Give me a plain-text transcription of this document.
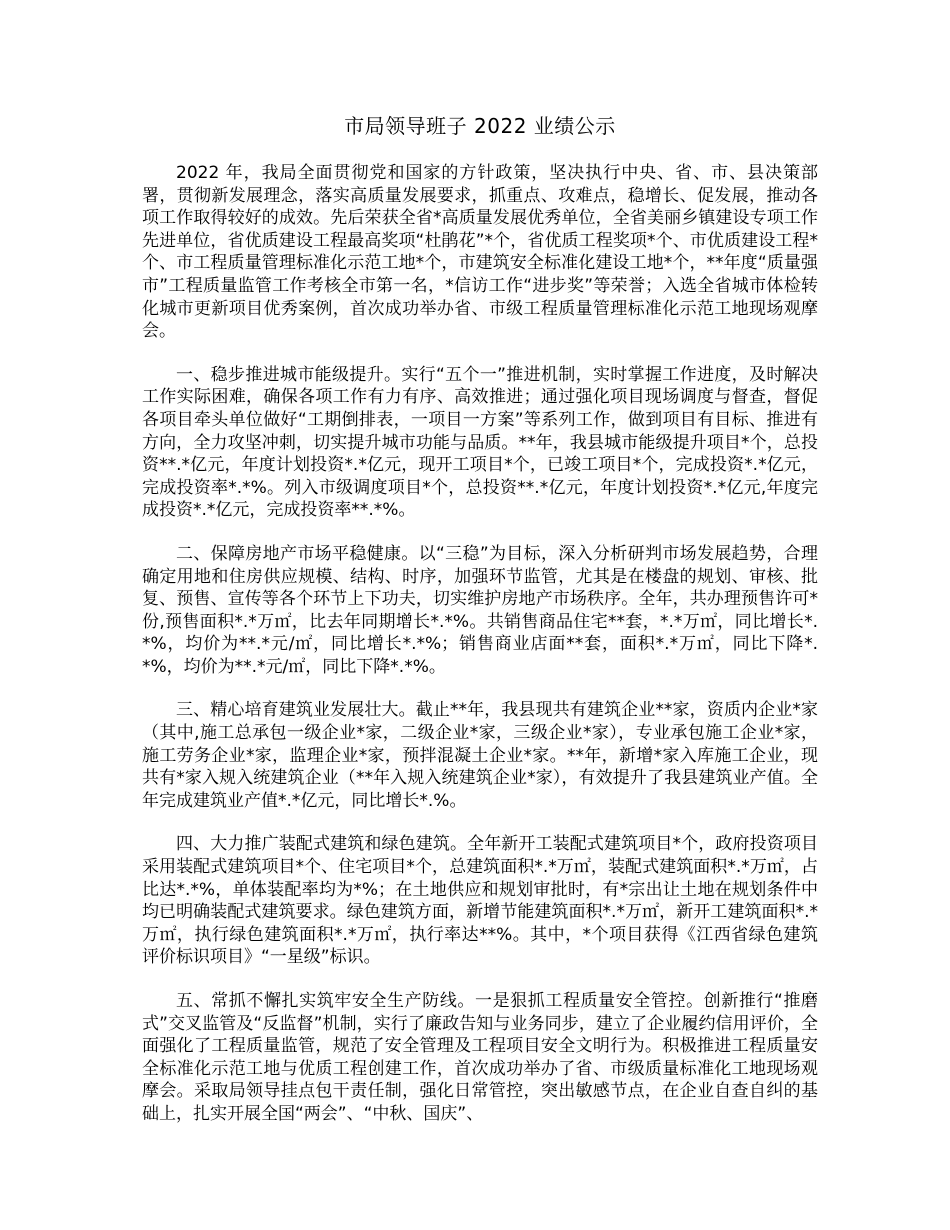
市局领导班子 2022 业绩公示

2022 年，我局全面贯彻党和国家的方针政策，坚决执行中央、省、市、县决策部署，贯彻新发展理念，落实高质量发展要求，抓重点、攻难点，稳增长、促发展，推动各项工作取得较好的成效。先后荣获全省*高质量发展优秀单位，全省美丽乡镇建设专项工作先进单位，省优质建设工程最高奖项“杜鹃花”*个，省优质工程奖项*个、市优质建设工程*个、市工程质量管理标准化示范工地*个，市建筑安全标准化建设工地*个，**年度“质量强市”工程质量监管工作考核全市第一名，*信访工作“进步奖”等荣誉；入选全省城市体检转化城市更新项目优秀案例，首次成功举办省、市级工程质量管理标准化示范工地现场观摩会。

一、稳步推进城市能级提升。实行“五个一”推进机制，实时掌握工作进度，及时解决工作实际困难，确保各项工作有力有序、高效推进；通过强化项目现场调度与督查，督促各项目牵头单位做好“工期倒排表，一项目一方案”等系列工作，做到项目有目标、推进有方向，全力攻坚冲刺，切实提升城市功能与品质。**年，我县城市能级提升项目*个，总投资**.*亿元，年度计划投资*.*亿元，现开工项目*个，已竣工项目*个，完成投资*.*亿元，完成投资率*.*%。列入市级调度项目*个，总投资**.*亿元，年度计划投资*.*亿元,年度完成投资*.*亿元，完成投资率**.*%。

二、保障房地产市场平稳健康。以“三稳”为目标，深入分析研判市场发展趋势，合理确定用地和住房供应规模、结构、时序，加强环节监管，尤其是在楼盘的规划、审核、批复、预售、宣传等各个环节上下功夫，切实维护房地产市场秩序。全年，共办理预售许可*份,预售面积*.*万㎡，比去年同期增长*.*%。共销售商品住宅**套，*.*万㎡，同比增长*.*%，均价为**.*元/㎡，同比增长*.*%；销售商业店面**套，面积*.*万㎡，同比下降*.*%，均价为**.*元/㎡，同比下降*.*%。

三、精心培育建筑业发展壮大。截止**年，我县现共有建筑企业**家，资质内企业*家（其中,施工总承包一级企业*家，二级企业*家，三级企业*家），专业承包施工企业*家，施工劳务企业*家，监理企业*家，预拌混凝土企业*家。**年，新增*家入库施工企业，现共有*家入规入统建筑企业（**年入规入统建筑企业*家），有效提升了我县建筑业产值。全年完成建筑业产值*.*亿元，同比增长*.%。

四、大力推广装配式建筑和绿色建筑。全年新开工装配式建筑项目*个，政府投资项目采用装配式建筑项目*个、住宅项目*个，总建筑面积*.*万㎡，装配式建筑面积*.*万㎡，占比达*.*%，单体装配率均为*%；在土地供应和规划审批时，有*宗出让土地在规划条件中均已明确装配式建筑要求。绿色建筑方面，新增节能建筑面积*.*万㎡，新开工建筑面积*.*万㎡，执行绿色建筑面积*.*万㎡，执行率达**%。其中，*个项目获得《江西省绿色建筑评价标识项目》“一星级”标识。

五、常抓不懈扎实筑牢安全生产防线。一是狠抓工程质量安全管控。创新推行“推磨式”交叉监管及“反监督”机制，实行了廉政告知与业务同步，建立了企业履约信用评价，全面强化了工程质量监管，规范了安全管理及工程项目安全文明行为。积极推进工程质量安全标准化示范工地与优质工程创建工作，首次成功举办了省、市级质量标准化工地现场观摩会。采取局领导挂点包干责任制，强化日常管控，突出敏感节点，在企业自查自纠的基础上，扎实开展全国“两会”、“中秋、国庆”、
